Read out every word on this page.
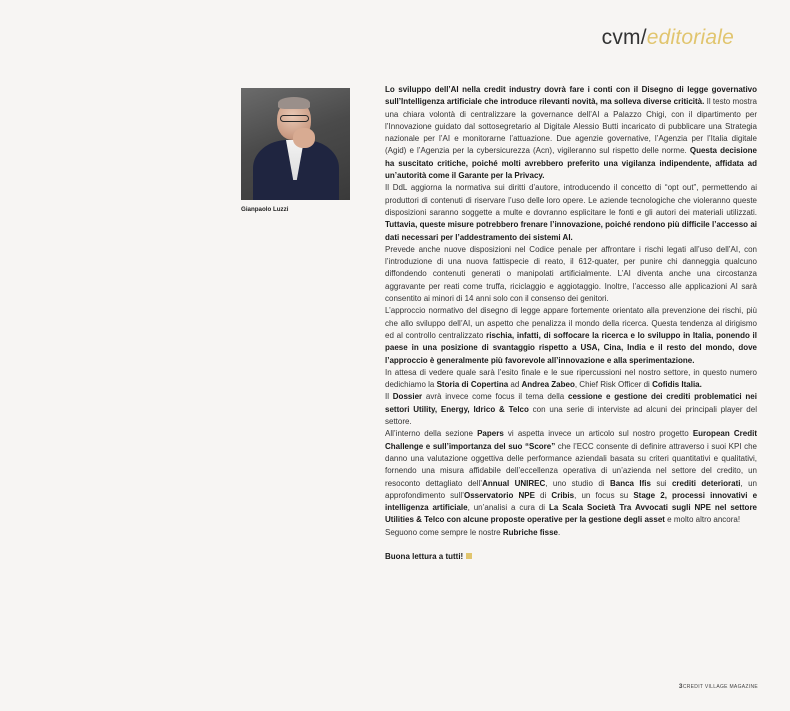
cvm/editoriale
Gianpaolo Luzzi

Lo sviluppo dell’AI nella credit industry dovrà fare i conti con il Disegno di legge governativo sull’Intelligenza artificiale che introduce rilevanti novità, ma solleva diverse criticità. Il testo mostra una chiara volontà di centralizzare la governance dell’AI a Palazzo Chigi, con il dipartimento per l’Innovazione guidato dal sottosegretario al Digitale Alessio Butti incaricato di pubblicare una Strategia nazionale per l’AI e monitorarne l’attuazione. Due agenzie governative, l’Agenzia per l’Italia digitale (Agid) e l’Agenzia per la cybersicurezza (Acn), vigileranno sul rispetto delle norme. Questa decisione ha suscitato critiche, poiché molti avrebbero preferito una vigilanza indipendente, affidata ad un’autorità come il Garante per la Privacy.

Il DdL aggiorna la normativa sui diritti d’autore, introducendo il concetto di “opt out”, permettendo ai produttori di contenuti di riservare l’uso delle loro opere. Le aziende tecnologiche che violeranno queste disposizioni saranno soggette a multe e dovranno esplicitare le fonti e gli autori dei materiali utilizzati. Tuttavia, queste misure potrebbero frenare l’innovazione, poiché rendono più difficile l’accesso ai dati necessari per l’addestramento dei sistemi AI.

Prevede anche nuove disposizioni nel Codice penale per affrontare i rischi legati all’uso dell’AI, con l’introduzione di una nuova fattispecie di reato, il 612-quater, per punire chi danneggia qualcuno diffondendo contenuti generati o manipolati artificialmente. L’AI diventa anche una circostanza aggravante per reati come truffa, riciclaggio e aggiotaggio. Inoltre, l’accesso alle applicazioni AI sarà consentito ai minori di 14 anni solo con il consenso dei genitori.

L’approccio normativo del disegno di legge appare fortemente orientato alla prevenzione dei rischi, più che allo sviluppo dell’AI, un aspetto che penalizza il mondo della ricerca. Questa tendenza al dirigismo ed al controllo centralizzato rischia, infatti, di soffocare la ricerca e lo sviluppo in Italia, ponendo il paese in una posizione di svantaggio rispetto a USA, Cina, India e il resto del mondo, dove l’approccio è generalmente più favorevole all’innovazione e alla sperimentazione.

In attesa di vedere quale sarà l’esito finale e le sue ripercussioni nel nostro settore, in questo numero dedichiamo la Storia di Copertina ad Andrea Zabeo, Chief Risk Officer di Cofidis Italia.

Il Dossier avrà invece come focus il tema della cessione e gestione dei crediti problematici nei settori Utility, Energy, Idrico & Telco con una serie di interviste ad alcuni dei principali player del settore.

All’interno della sezione Papers vi aspetta invece un articolo sul nostro progetto European Credit Challenge e sull’importanza del suo “Score” che l’ECC consente di definire attraverso i suoi KPI che danno una valutazione oggettiva delle performance aziendali basata su criteri quantitativi e qualitativi, fornendo una misura affidabile dell’eccellenza operativa di un’azienda nel settore del credito, un resoconto dettagliato dell’Annual UNIREC, uno studio di Banca Ifis sui crediti deteriorati, un approfondimento sull’Osservatorio NPE di Cribis, un focus su Stage 2, processi innovativi e intelligenza artificiale, un’analisi a cura di La Scala Società Tra Avvocati sugli NPE nel settore Utilities & Telco con alcune proposte operative per la gestione degli asset e molto altro ancora!

Seguono come sempre le nostre Rubriche fisse.

Buona lettura a tutti!

3CREDIT VILLAGE MAGAZINE
